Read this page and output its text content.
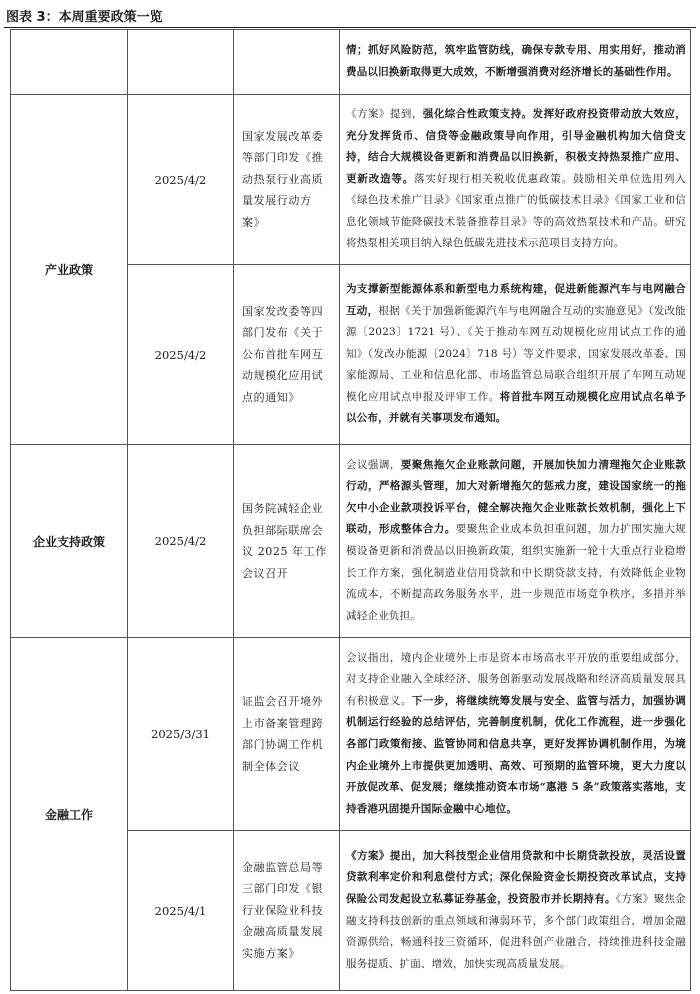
图表 3：本周重要政策一览
			情；抓好风险防范，筑牢监管防线，确保专款专用、用实用好，推动消费品以旧换新取得更大成效，不断增强消费对经济增长的基础性作用。
产业政策	2025/4/2	国家发展改革委等部门印发《推动热泵行业高质量发展行动方案》	《方案》提到，强化综合性政策支持。发挥好政府投资带动放大效应，充分发挥货币、信贷等金融政策导向作用，引导金融机构加大信贷支持，结合大规模设备更新和消费品以旧换新，积极支持热泵推广应用、更新改造等。落实好现行相关税收优惠政策。鼓励相关单位选用列入《绿色技术推广目录》《国家重点推广的低碳技术目录》《国家工业和信息化领域节能降碳技术装备推荐目录》等的高效热泵技术和产品。研究将热泵相关项目纳入绿色低碳先进技术示范项目支持方向。
	2025/4/2	国家发改委等四部门发布《关于公布首批车网互动规模化应用试点的通知》	为支撑新型能源体系和新型电力系统构建，促进新能源汽车与电网融合互动，根据《关于加强新能源汽车与电网融合互动的实施意见》（发改能源〔2023〕1721 号）、《关于推动车网互动规模化应用试点工作的通知》（发改办能源〔2024〕718 号）等文件要求，国家发展改革委、国家能源局、工业和信息化部、市场监管总局联合组织开展了车网互动规模化应用试点申报及评审工作。将首批车网互动规模化应用试点名单予以公布，并就有关事项发布通知。
企业支持政策	2025/4/2	国务院减轻企业负担部际联席会议 2025 年工作会议召开	会议强调，要聚焦拖欠企业账款问题，开展加快加力清理拖欠企业账款行动，严格源头管理，加大对新增拖欠的惩戒力度，建设国家统一的拖欠中小企业款项投诉平台，健全解决拖欠企业账款长效机制，强化上下联动，形成整体合力。要聚焦企业成本负担重问题，加力扩围实施大规模设备更新和消费品以旧换新政策，组织实施新一轮十大重点行业稳增长工作方案，强化制造业信用贷款和中长期贷款支持，有效降低企业物流成本，不断提高政务服务水平，进一步规范市场竞争秩序，多措并举减轻企业负担。
金融工作	2025/3/31	证监会召开境外上市备案管理跨部门协调工作机制全体会议	会议指出，境内企业境外上市是资本市场高水平开放的重要组成部分，对支持企业融入全球经济、服务创新驱动发展战略和经济高质量发展具有积极意义。下一步，将继续统筹发展与安全、监管与活力，加强协调机制运行经验的总结评估，完善制度机制，优化工作流程，进一步强化各部门政策衔接、监管协同和信息共享，更好发挥协调机制作用，为境内企业境外上市提供更加透明、高效、可预期的监管环境，更大力度以开放促改革、促发展；继续推动资本市场“惠港 5 条”政策落实落地，支持香港巩固提升国际金融中心地位。
	2025/4/1	金融监管总局等三部门印发《银行业保险业科技金融高质量发展实施方案》	《方案》提出，加大科技型企业信用贷款和中长期贷款投放，灵活设置贷款利率定价和利息偿付方式；深化保险资金长期投资改革试点，支持保险公司发起设立私募证券基金，投资股市并长期持有。《方案》聚焦金融支持科技创新的重点领域和薄弱环节，多个部门政策组合，增加金融资源供给，畅通科技三资循环，促进科创产业融合，持续推进科技金融服务提质、扩面、增效，加快实现高质量发展。
